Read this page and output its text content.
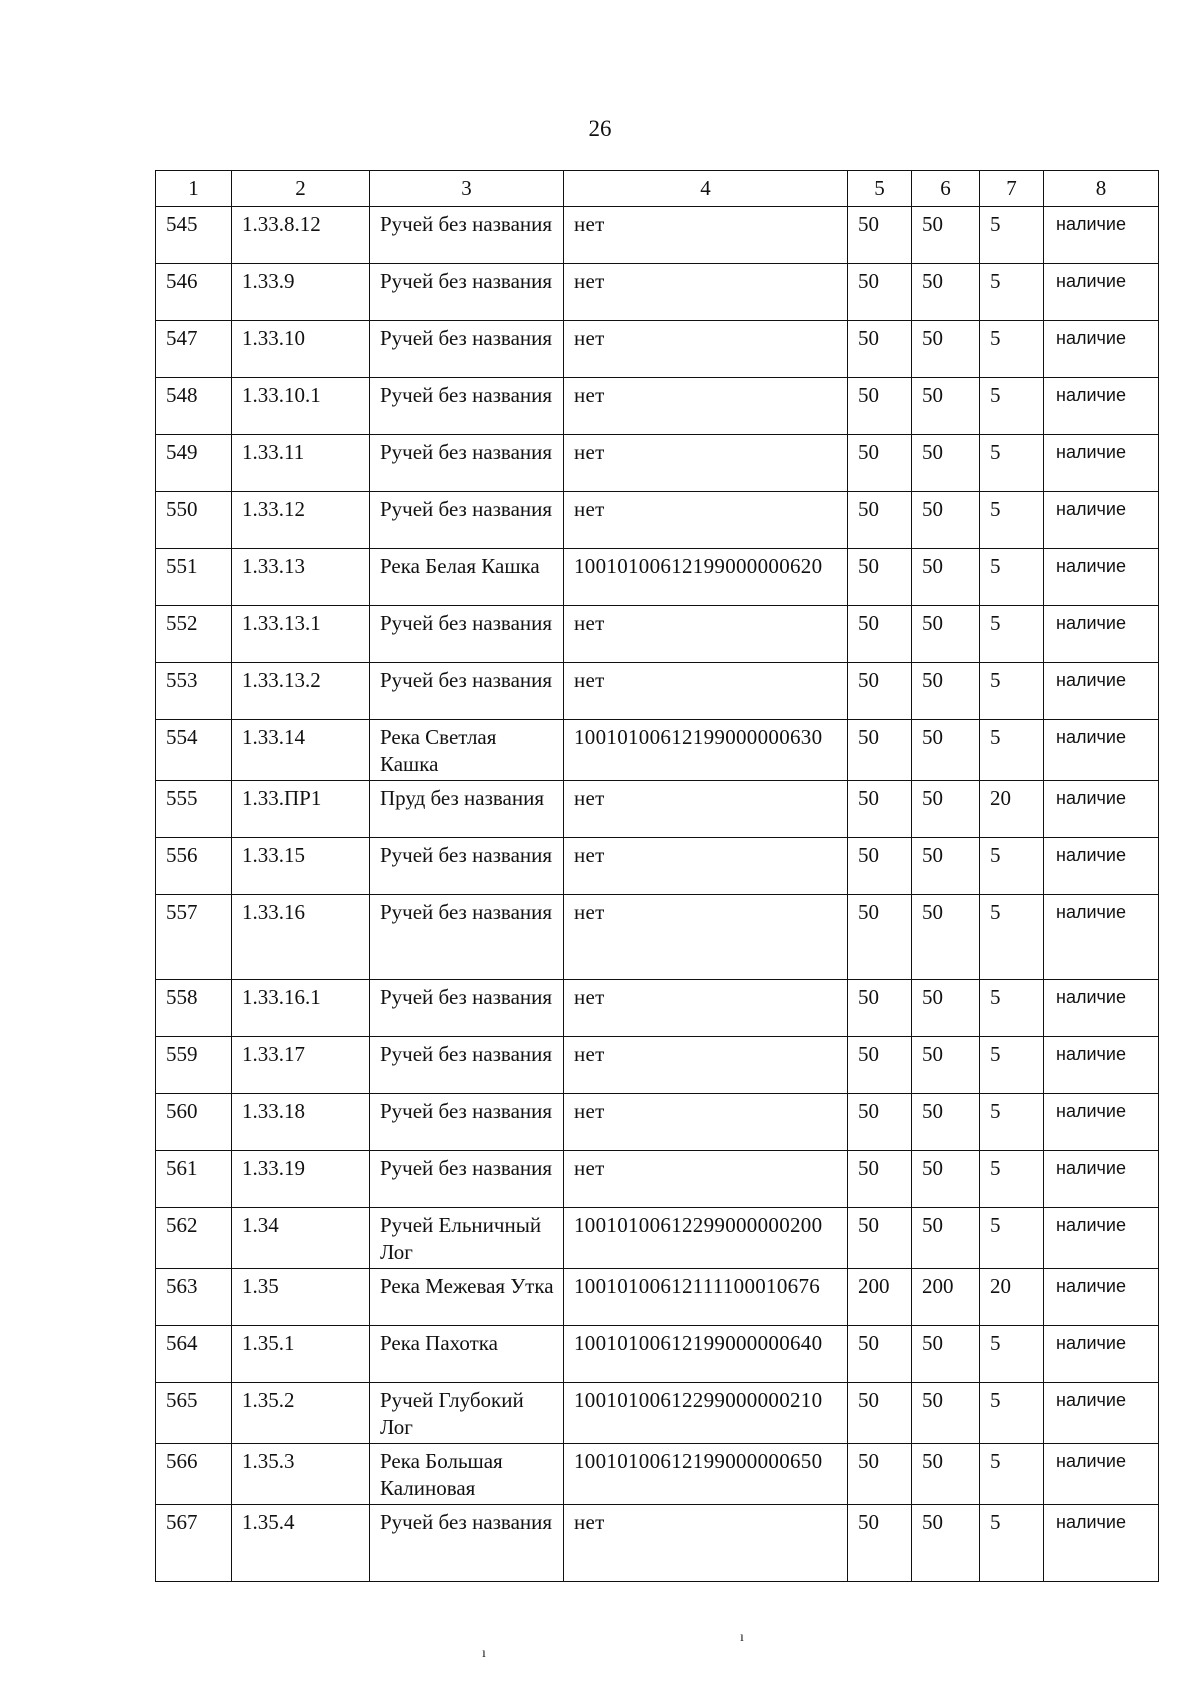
26
1	2	3	4	5	6	7	8
545	1.33.8.12	Ручей без названия	нет	50	50	5	наличие
546	1.33.9	Ручей без названия	нет	50	50	5	наличие
547	1.33.10	Ручей без названия	нет	50	50	5	наличие
548	1.33.10.1	Ручей без названия	нет	50	50	5	наличие
549	1.33.11	Ручей без названия	нет	50	50	5	наличие
550	1.33.12	Ручей без названия	нет	50	50	5	наличие
551	1.33.13	Река Белая Кашка	10010100612199000000620	50	50	5	наличие
552	1.33.13.1	Ручей без названия	нет	50	50	5	наличие
553	1.33.13.2	Ручей без названия	нет	50	50	5	наличие
554	1.33.14	Река Светлая Кашка	10010100612199000000630	50	50	5	наличие
555	1.33.ПР1	Пруд без названия	нет	50	50	20	наличие
556	1.33.15	Ручей без названия	нет	50	50	5	наличие
557	1.33.16	Ручей без названия	нет	50	50	5	наличие
558	1.33.16.1	Ручей без названия	нет	50	50	5	наличие
559	1.33.17	Ручей без названия	нет	50	50	5	наличие
560	1.33.18	Ручей без названия	нет	50	50	5	наличие
561	1.33.19	Ручей без названия	нет	50	50	5	наличие
562	1.34	Ручей Ельничный Лог	10010100612299000000200	50	50	5	наличие
563	1.35	Река Межевая Утка	10010100612111100010676	200	200	20	наличие
564	1.35.1	Река Пахотка	10010100612199000000640	50	50	5	наличие
565	1.35.2	Ручей Глубокий Лог	10010100612299000000210	50	50	5	наличие
566	1.35.3	Река Большая Калиновая	10010100612199000000650	50	50	5	наличие
567	1.35.4	Ручей без названия	нет	50	50	5	наличие
ı
ı
